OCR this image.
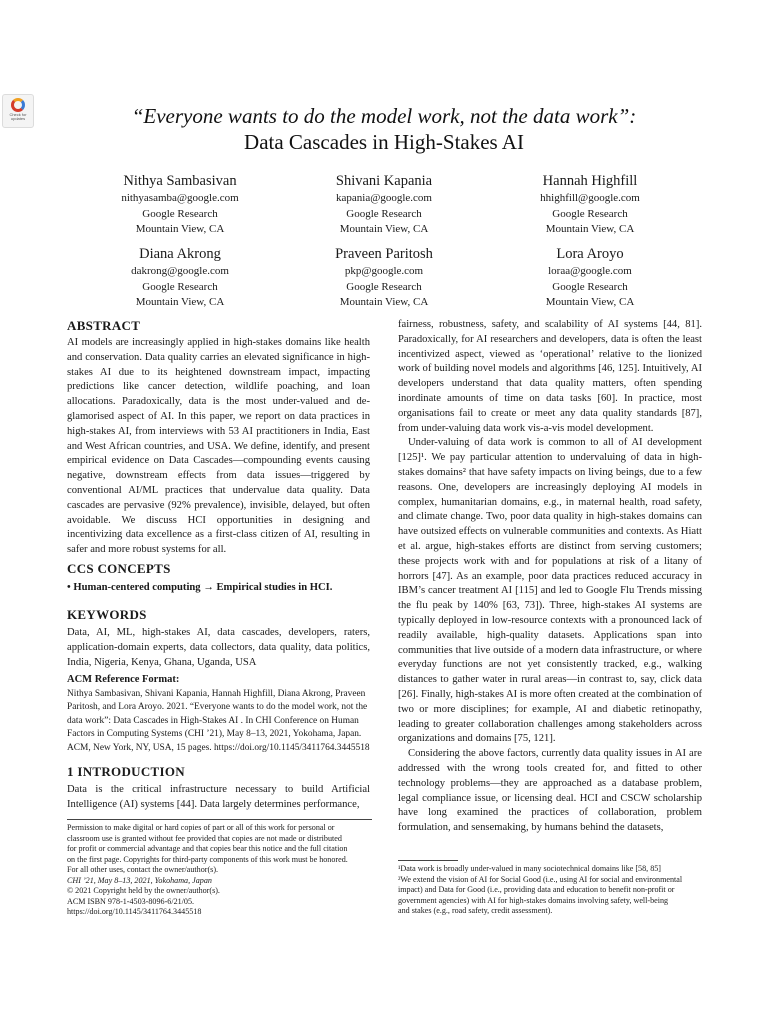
Check for
updates	“Everyone wants to do the model work, not the data work”:
Data Cascades in High-Stakes AI
Nithya Sambasivan
nithyasamba@google.com
Google Research
Mountain View, CA
Shivani Kapania
kapania@google.com
Google Research
Mountain View, CA
Hannah Highfill
hhighfill@google.com
Google Research
Mountain View, CA
Diana Akrong
dakrong@google.com
Google Research
Mountain View, CA
Praveen Paritosh
pkp@google.com
Google Research
Mountain View, CA
Lora Aroyo
loraa@google.com
Google Research
Mountain View, CA
ABSTRACT

AI models are increasingly applied in high-stakes domains like health and conservation. Data quality carries an elevated significance in high-stakes AI due to its heightened downstream impact, impacting predictions like cancer detection, wildlife poaching, and loan allocations. Paradoxically, data is the most under-valued and de-glamorised aspect of AI. In this paper, we report on data practices in high-stakes AI, from interviews with 53 AI practitioners in India, East and West African countries, and USA. We define, identify, and present empirical evidence on Data Cascades—compounding events causing negative, downstream effects from data issues—triggered by conventional AI/ML practices that undervalue data quality. Data cascades are pervasive (92% prevalence), invisible, delayed, but often avoidable. We discuss HCI opportunities in designing and incentivizing data excellence as a first-class citizen of AI, resulting in safer and more robust systems for all.

CCS CONCEPTS
• Human-centered computing → Empirical studies in HCI.
KEYWORDS

Data, AI, ML, high-stakes AI, data cascades, developers, raters, application-domain experts, data collectors, data quality, data politics, India, Nigeria, Kenya, Ghana, Uganda, USA

ACM Reference Format:
Nithya Sambasivan, Shivani Kapania, Hannah Highfill, Diana Akrong, Praveen
Paritosh, and Lora Aroyo. 2021. “Everyone wants to do the model work, not the
data work”: Data Cascades in High-Stakes AI . In CHI Conference on Human
Factors in Computing Systems (CHI ’21), May 8–13, 2021, Yokohama, Japan.
ACM, New York, NY, USA, 15 pages. https://doi.org/10.1145/3411764.3445518
1 INTRODUCTION

Data is the critical infrastructure necessary to build Artificial Intelligence (AI) systems [44]. Data largely determines performance,

Permission to make digital or hard copies of part or all of this work for personal or
classroom use is granted without fee provided that copies are not made or distributed
for profit or commercial advantage and that copies bear this notice and the full citation
on the first page. Copyrights for third-party components of this work must be honored.
For all other uses, contact the owner/author(s).
CHI ’21, May 8–13, 2021, Yokohama, Japan
© 2021 Copyright held by the owner/author(s).
ACM ISBN 978-1-4503-8096-6/21/05.
https://doi.org/10.1145/3411764.3445518

fairness, robustness, safety, and scalability of AI systems [44, 81]. Paradoxically, for AI researchers and developers, data is often the least incentivized aspect, viewed as ‘operational’ relative to the lionized work of building novel models and algorithms [46, 125]. Intuitively, AI developers understand that data quality matters, often spending inordinate amounts of time on data tasks [60]. In practice, most organisations fail to create or meet any data quality standards [87], from under-valuing data work vis-a-vis model development.

Under-valuing of data work is common to all of AI development [125]¹. We pay particular attention to undervaluing of data in high-stakes domains² that have safety impacts on living beings, due to a few reasons. One, developers are increasingly deploying AI models in complex, humanitarian domains, e.g., in maternal health, road safety, and climate change. Two, poor data quality in high-stakes domains can have outsized effects on vulnerable communities and contexts. As Hiatt et al. argue, high-stakes efforts are distinct from serving customers; these projects work with and for populations at risk of a litany of horrors [47]. As an example, poor data practices reduced accuracy in IBM’s cancer treatment AI [115] and led to Google Flu Trends missing the flu peak by 140% [63, 73]). Three, high-stakes AI systems are typically deployed in low-resource contexts with a pronounced lack of readily available, high-quality datasets. Applications span into communities that live outside of a modern data infrastructure, or where everyday functions are not yet consistently tracked, e.g., walking distances to gather water in rural areas—in contrast to, say, click data [26]. Finally, high-stakes AI is more often created at the combination of two or more disciplines; for example, AI and diabetic retinopathy, leading to greater collaboration challenges among stakeholders across organizations and domains [75, 121].

Considering the above factors, currently data quality issues in AI are addressed with the wrong tools created for, and fitted to other technology problems—they are approached as a database problem, legal compliance issue, or licensing deal. HCI and CSCW scholarship have long examined the practices of collaboration, problem formulation, and sensemaking, by humans behind the datasets,

¹Data work is broadly under-valued in many sociotechnical domains like [58, 85]
²We extend the vision of AI for Social Good (i.e., using AI for social and environmental
impact) and Data for Good (i.e., providing data and education to benefit non-profit or
government agencies) with AI for high-stakes domains involving safety, well-being
and stakes (e.g., road safety, credit assessment).
